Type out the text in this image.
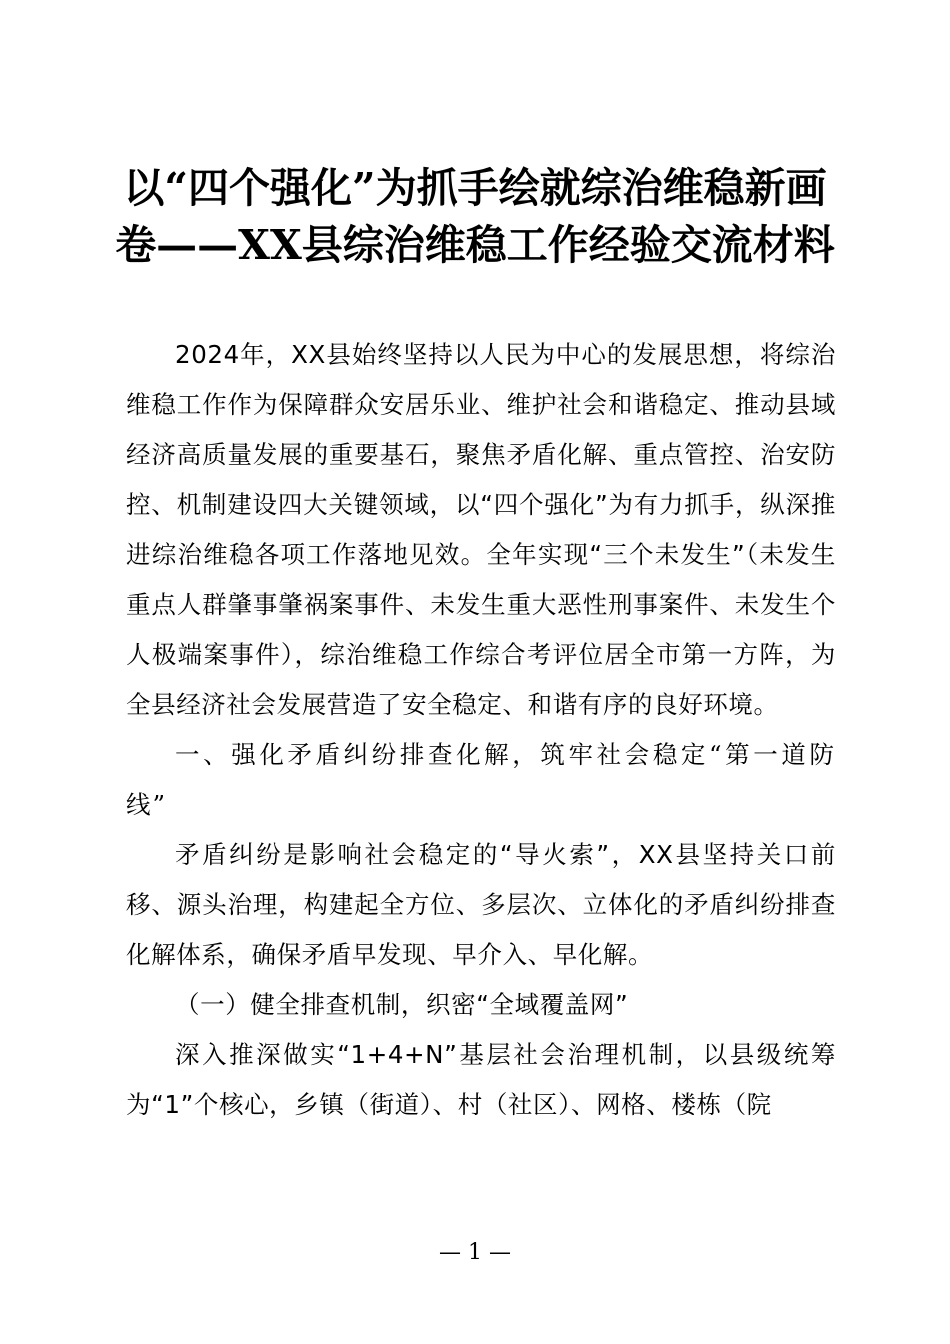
以“四个强化”为抓手绘就综治维稳新画卷——XX县综治维稳工作经验交流材料

2024年，XX县始终坚持以人民为中心的发展思想，将综治维稳工作作为保障群众安居乐业、维护社会和谐稳定、推动县域经济高质量发展的重要基石，聚焦矛盾化解、重点管控、治安防控、机制建设四大关键领域，以“四个强化”为有力抓手，纵深推进综治维稳各项工作落地见效。全年实现“三个未发生”（未发生重点人群肇事肇祸案事件、未发生重大恶性刑事案件、未发生个人极端案事件），综治维稳工作综合考评位居全市第一方阵，为全县经济社会发展营造了安全稳定、和谐有序的良好环境。

一、强化矛盾纠纷排查化解，筑牢社会稳定“第一道防线”

矛盾纠纷是影响社会稳定的“导火索”，XX县坚持关口前移、源头治理，构建起全方位、多层次、立体化的矛盾纠纷排查化解体系，确保矛盾早发现、早介入、早化解。

（一）健全排查机制，织密“全域覆盖网”

深入推深做实“1+4+N”基层社会治理机制，以县级统筹为“1”个核心，乡镇（街道）、村（社区）、网格、楼栋（院

— 1 —
